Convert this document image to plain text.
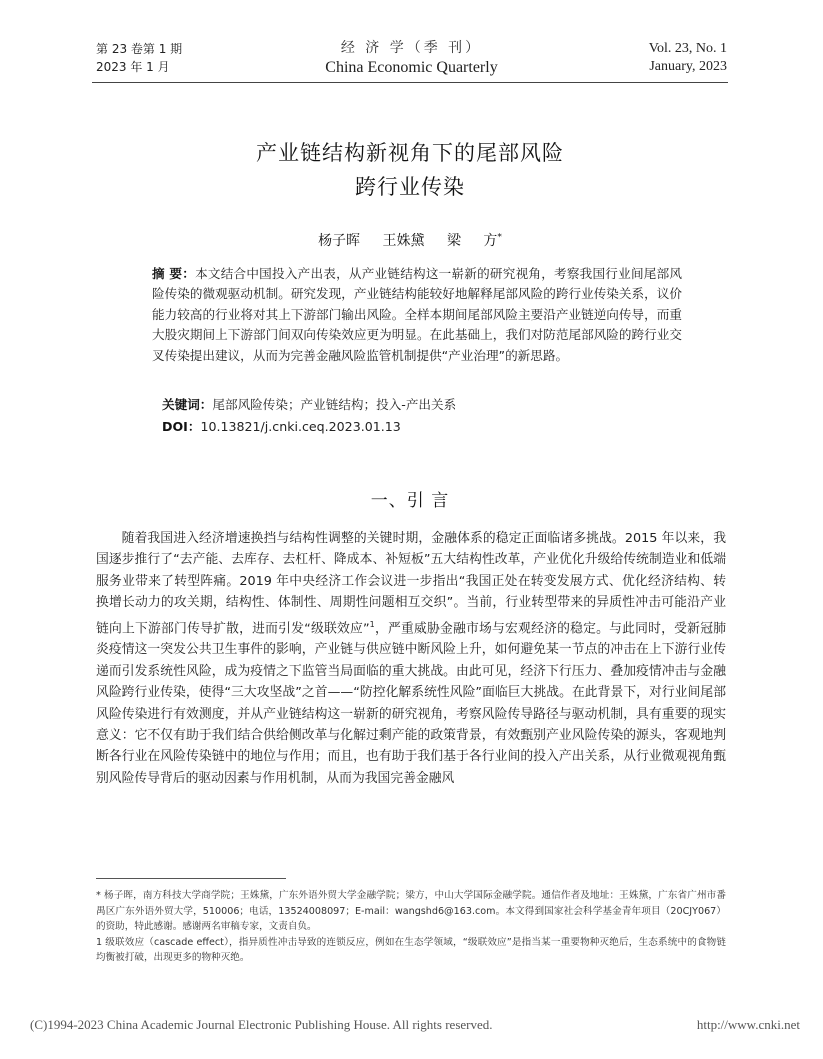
第 23 卷第 1 期
2023 年 1 月
经 济 学（季 刊）
China Economic Quarterly
Vol. 23, No. 1
January, 2023
产业链结构新视角下的尾部风险
跨行业传染
杨子晖 王姝黛 梁 方*
摘 要：本文结合中国投入产出表，从产业链结构这一崭新的研究视角，考察我国行业间尾部风险传染的微观驱动机制。研究发现，产业链结构能较好地解释尾部风险的跨行业传染关系，议价能力较高的行业将对其上下游部门输出风险。全样本期间尾部风险主要沿产业链逆向传导，而重大股灾期间上下游部门间双向传染效应更为明显。在此基础上，我们对防范尾部风险的跨行业交叉传染提出建议，从而为完善金融风险监管机制提供“产业治理”的新思路。
关键词：尾部风险传染；产业链结构；投入-产出关系
DOI：10.13821/j.cnki.ceq.2023.01.13
一、引 言
随着我国进入经济增速换挡与结构性调整的关键时期，金融体系的稳定正面临诸多挑战。2015 年以来，我国逐步推行了“去产能、去库存、去杠杆、降成本、补短板”五大结构性改革，产业优化升级给传统制造业和低端服务业带来了转型阵痛。2019 年中央经济工作会议进一步指出“我国正处在转变发展方式、优化经济结构、转换增长动力的攻关期，结构性、体制性、周期性问题相互交织”。当前，行业转型带来的异质性冲击可能沿产业链向上下游部门传导扩散，进而引发“级联效应”$^1$，严重威胁金融市场与宏观经济的稳定。与此同时，受新冠肺炎疫情这一突发公共卫生事件的影响，产业链与供应链中断风险上升，如何避免某一节点的冲击在上下游行业传递而引发系统性风险，成为疫情之下监管当局面临的重大挑战。由此可见，经济下行压力、叠加疫情冲击与金融风险跨行业传染，使得“三大攻坚战”之首——“防控化解系统性风险”面临巨大挑战。在此背景下，对行业间尾部风险传染进行有效测度，并从产业链结构这一崭新的研究视角，考察风险传导路径与驱动机制，具有重要的现实意义：它不仅有助于我们结合供给侧改革与化解过剩产能的政策背景，有效甄别产业风险传染的源头，客观地判断各行业在风险传染链中的地位与作用；而且，也有助于我们基于各行业间的投入产出关系，从行业微观视角甄别风险传导背后的驱动因素与作用机制，从而为我国完善金融风

* 杨子晖，南方科技大学商学院；王姝黛，广东外语外贸大学金融学院；梁方，中山大学国际金融学院。通信作者及地址：王姝黛，广东省广州市番禺区广东外语外贸大学，510006；电话，13524008097；E-mail：wangshd6@163.com。本文得到国家社会科学基金青年项目（20CJY067）的资助，特此感谢。感谢两名审稿专家，文责自负。

1 级联效应（cascade effect），指异质性冲击导致的连锁反应，例如在生态学领域，“级联效应”是指当某一重要物种灭绝后，生态系统中的食物链均衡被打破，出现更多的物种灭绝。

(C)1994-2023 China Academic Journal Electronic Publishing House. All rights reserved.	http://www.cnki.net
